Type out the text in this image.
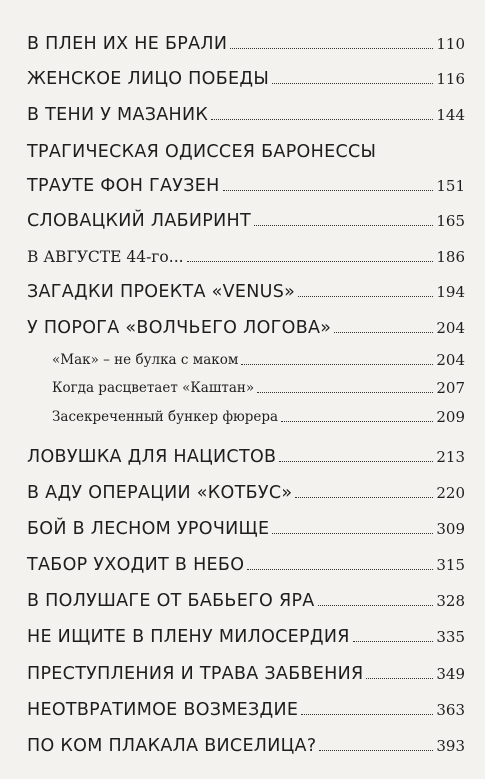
В ПЛЕН ИХ НЕ БРАЛИ	110
ЖЕНСКОЕ ЛИЦО ПОБЕДЫ	116
В ТЕНИ У МАЗАНИК	144
ТРАГИЧЕСКАЯ ОДИССЕЯ БАРОНЕССЫ
ТРАУТЕ ФОН ГАУЗЕН	151
СЛОВАЦКИЙ ЛАБИРИНТ	165
В АВГУСТЕ 44-го...	186
ЗАГАДКИ ПРОЕКТА «VENUS»	194
У ПОРОГА «ВОЛЧЬЕГО ЛОГОВА»	204
«Мак» – не булка с маком	204
Когда расцветает «Каштан»	207
Засекреченный бункер фюрера	209
ЛОВУШКА ДЛЯ НАЦИСТОВ	213
В АДУ ОПЕРАЦИИ «КОТБУС»	220
БОЙ В ЛЕСНОМ УРОЧИЩЕ	309
ТАБОР УХОДИТ В НЕБО	315
В ПОЛУШАГЕ ОТ БАБЬЕГО ЯРА	328
НЕ ИЩИТЕ В ПЛЕНУ МИЛОСЕРДИЯ	335
ПРЕСТУПЛЕНИЯ И ТРАВА ЗАБВЕНИЯ	349
НЕОТВРАТИМОЕ ВОЗМЕЗДИЕ	363
ПО КОМ ПЛАКАЛА ВИСЕЛИЦА?	393
